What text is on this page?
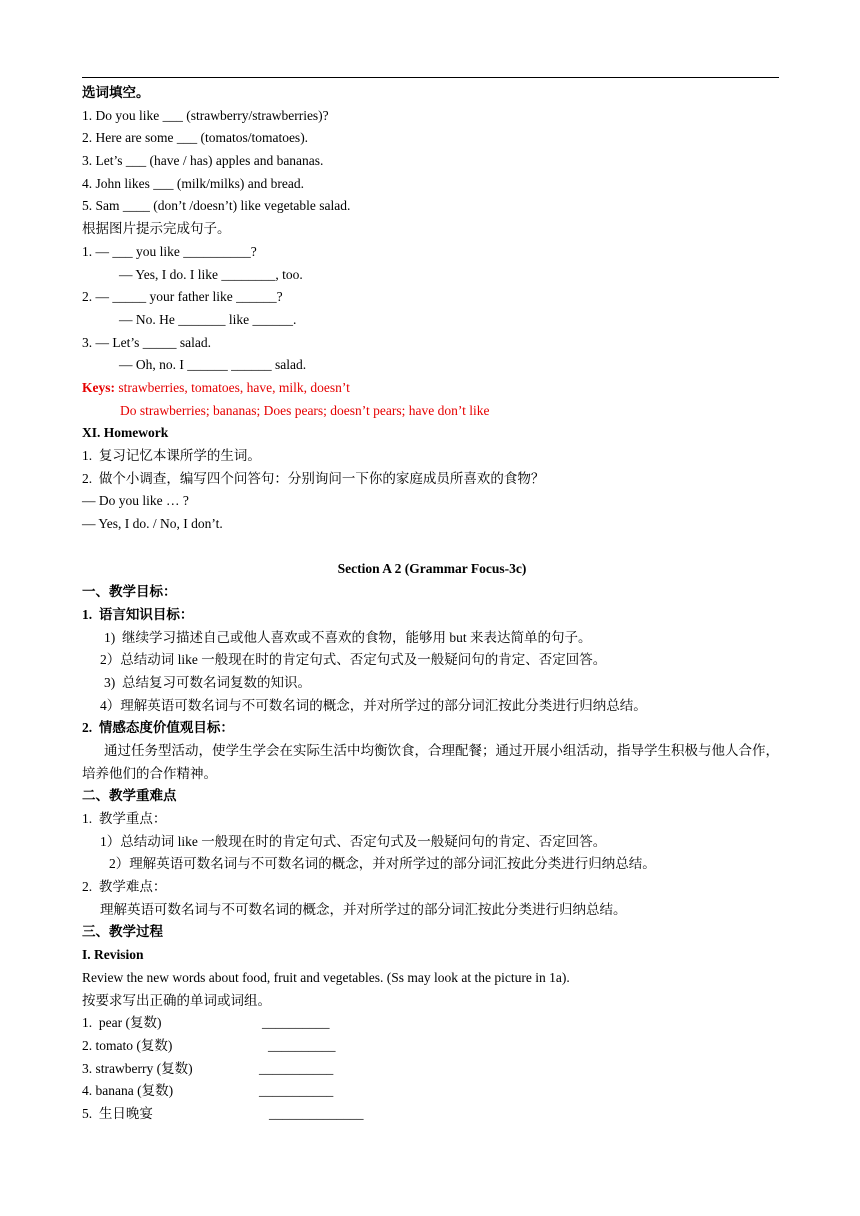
选词填空。
1. Do you like ___ (strawberry/strawberries)?
2. Here are some ___ (tomatos/tomatoes).
3. Let’s ___ (have / has) apples and bananas.
4. John likes ___ (milk/milks) and bread.
5. Sam ____ (don’t /doesn’t) like vegetable salad.
根据图片提示完成句子。
1. — ___ you like __________?
— Yes, I do. I like ________, too.
2. — _____ your father like ______?
— No. He _______ like ______.
3. — Let’s _____ salad.
— Oh, no. I ______ ______ salad.
Keys: strawberries, tomatoes, have, milk, doesn’t
Do strawberries; bananas; Does pears; doesn’t pears; have don’t like
XI. Homework
1.  复习记忆本课所学的生词。
2.  做个小调查，编写四个问答句：分别询问一下你的家庭成员所喜欢的食物？
— Do you like … ?
— Yes, I do. / No, I don’t.
Section A 2 (Grammar Focus-3c)
一、教学目标：
1.  语言知识目标：
1)  继续学习描述自己或他人喜欢或不喜欢的食物，能够用 but 来表达简单的句子。
2）总结动词 like 一般现在时的肯定句式、否定句式及一般疑问句的肯定、否定回答。
3)  总结复习可数名词复数的知识。
4）理解英语可数名词与不可数名词的概念，并对所学过的部分词汇按此分类进行归纳总结。
2.  情感态度价值观目标：
通过任务型活动，使学生学会在实际生活中均衡饮食，合理配餐；通过开展小组活动，指导学生积极与他人合作，培养他们的合作精神。
二、教学重难点
1.  教学重点：
1）总结动词 like 一般现在时的肯定句式、否定句式及一般疑问句的肯定、否定回答。
2）理解英语可数名词与不可数名词的概念，并对所学过的部分词汇按此分类进行归纳总结。
2.  教学难点：
理解英语可数名词与不可数名词的概念，并对所学过的部分词汇按此分类进行归纳总结。
三、教学过程
I. Revision
Review the new words about food, fruit and vegetables. (Ss may look at the picture in 1a).
按要求写出正确的单词或词组。
1.  pear (复数)	__________
2. tomato (复数)	__________
3. strawberry (复数)	___________
4. banana (复数)	___________
5.  生日晚宴	______________
